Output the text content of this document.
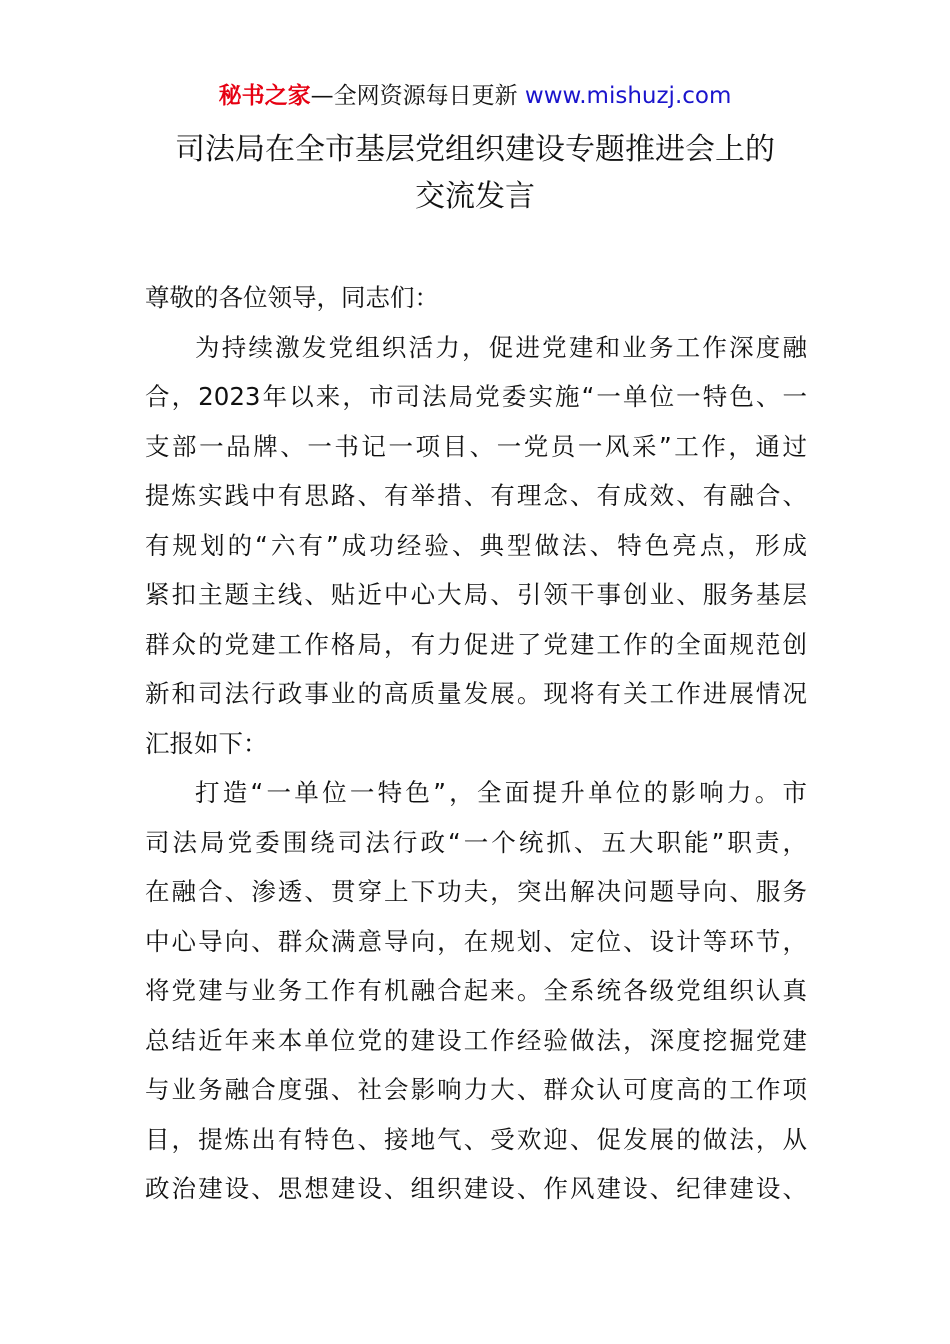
秘书之家—全网资源每日更新 www.mishuzj.com
司法局在全市基层党组织建设专题推进会上的
交流发言

尊敬的各位领导，同志们：

为持续激发党组织活力，促进党建和业务工作深度融
合，2023年以来，市司法局党委实施“一单位一特色、一
支部一品牌、一书记一项目、一党员一风采”工作，通过
提炼实践中有思路、有举措、有理念、有成效、有融合、
有规划的“六有”成功经验、典型做法、特色亮点，形成
紧扣主题主线、贴近中心大局、引领干事创业、服务基层
群众的党建工作格局，有力促进了党建工作的全面规范创
新和司法行政事业的高质量发展。现将有关工作进展情况
汇报如下：

打造“一单位一特色”，全面提升单位的影响力。市
司法局党委围绕司法行政“一个统抓、五大职能”职责，
在融合、渗透、贯穿上下功夫，突出解决问题导向、服务
中心导向、群众满意导向，在规划、定位、设计等环节，
将党建与业务工作有机融合起来。全系统各级党组织认真
总结近年来本单位党的建设工作经验做法，深度挖掘党建
与业务融合度强、社会影响力大、群众认可度高的工作项
目，提炼出有特色、接地气、受欢迎、促发展的做法，从
政治建设、思想建设、组织建设、作风建设、纪律建设、
